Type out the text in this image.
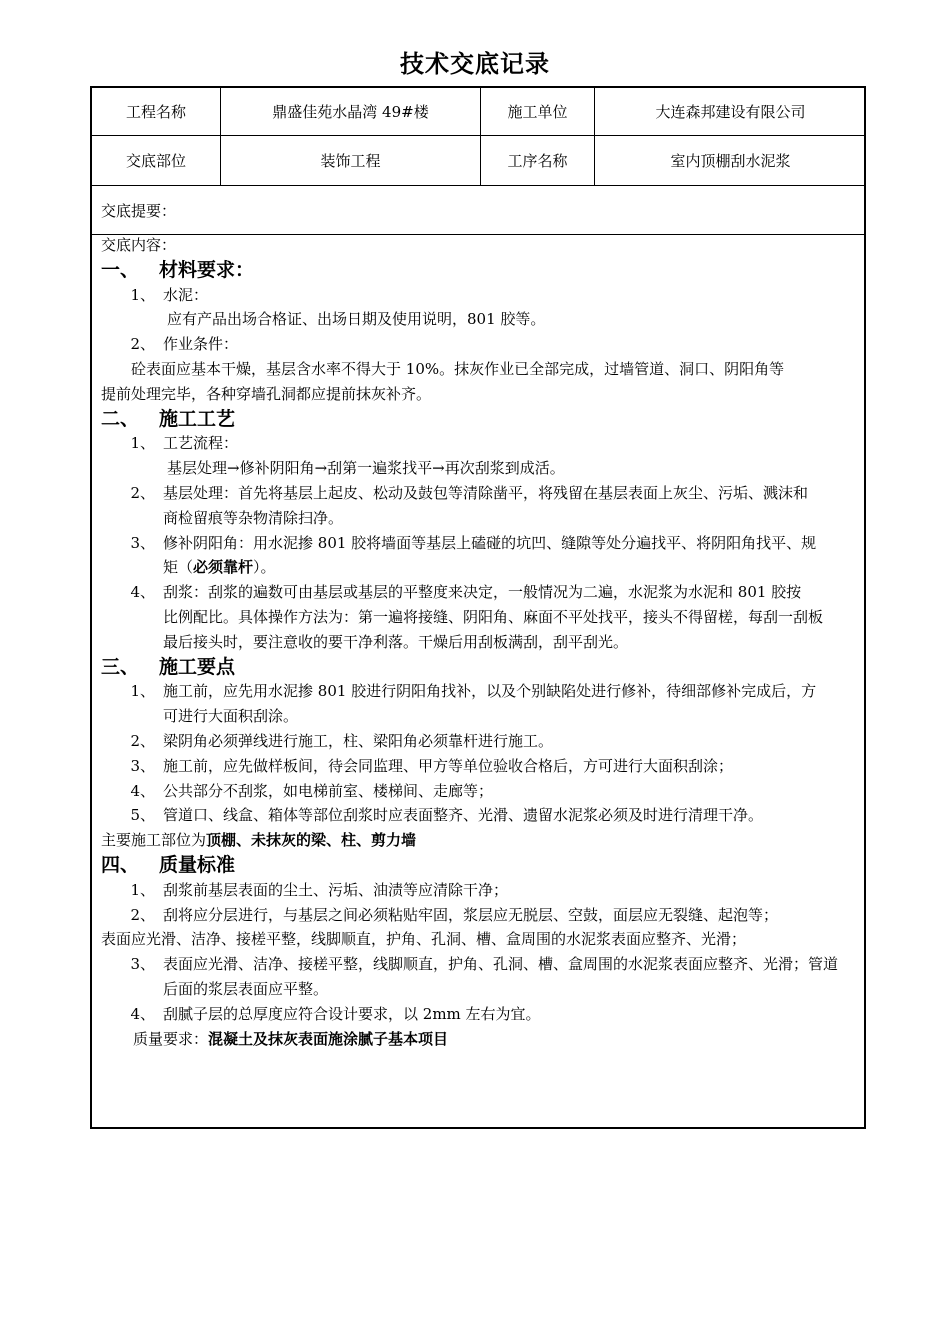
技术交底记录
工程名称	鼎盛佳苑水晶湾 49#楼	施工单位	大连森邦建设有限公司
交底部位	装饰工程	工序名称	室内顶棚刮水泥浆
交底提要：
交底内容：
一、 材料要求：
1、 水泥：
应有产品出场合格证、出场日期及使用说明，801 胶等。
2、 作业条件：
砼表面应基本干燥，基层含水率不得大于 10%。抹灰作业已全部完成，过墙管道、洞口、阴阳角等
提前处理完毕，各种穿墙孔洞都应提前抹灰补齐。
二、 施工工艺
1、 工艺流程：
基层处理→修补阴阳角→刮第一遍浆找平→再次刮浆到成活。
2、 基层处理：首先将基层上起皮、松动及鼓包等清除凿平，将残留在基层表面上灰尘、污垢、溅沫和
商检留痕等杂物清除扫净。
3、 修补阴阳角：用水泥掺 801 胶将墙面等基层上磕碰的坑凹、缝隙等处分遍找平、将阴阳角找平、规
矩（必须靠杆）。
4、 刮浆：刮浆的遍数可由基层或基层的平整度来决定，一般情况为二遍，水泥浆为水泥和 801 胶按
比例配比。具体操作方法为：第一遍将接缝、阴阳角、麻面不平处找平，接头不得留槎，每刮一刮板
最后接头时，要注意收的要干净利落。干燥后用刮板满刮，刮平刮光。
三、 施工要点
1、 施工前，应先用水泥掺 801 胶进行阴阳角找补，以及个别缺陷处进行修补，待细部修补完成后，方
可进行大面积刮涂。
2、 梁阴角必须弹线进行施工，柱、梁阳角必须靠杆进行施工。
3、 施工前，应先做样板间，待会同监理、甲方等单位验收合格后，方可进行大面积刮涂；
4、 公共部分不刮浆，如电梯前室、楼梯间、走廊等；
5、 管道口、线盒、箱体等部位刮浆时应表面整齐、光滑、遗留水泥浆必须及时进行清理干净。
主要施工部位为顶棚、未抹灰的梁、柱、剪力墙
四、 质量标准
1、 刮浆前基层表面的尘土、污垢、油渍等应清除干净；
2、 刮将应分层进行，与基层之间必须粘贴牢固，浆层应无脱层、空鼓，面层应无裂缝、起泡等；
表面应光滑、洁净、接槎平整，线脚顺直，护角、孔洞、槽、盒周围的水泥浆表面应整齐、光滑；
3、 表面应光滑、洁净、接槎平整，线脚顺直，护角、孔洞、槽、盒周围的水泥浆表面应整齐、光滑；管道
后面的浆层表面应平整。
4、 刮腻子层的总厚度应符合设计要求，以 2mm 左右为宜。
质量要求：混凝土及抹灰表面施涂腻子基本项目
